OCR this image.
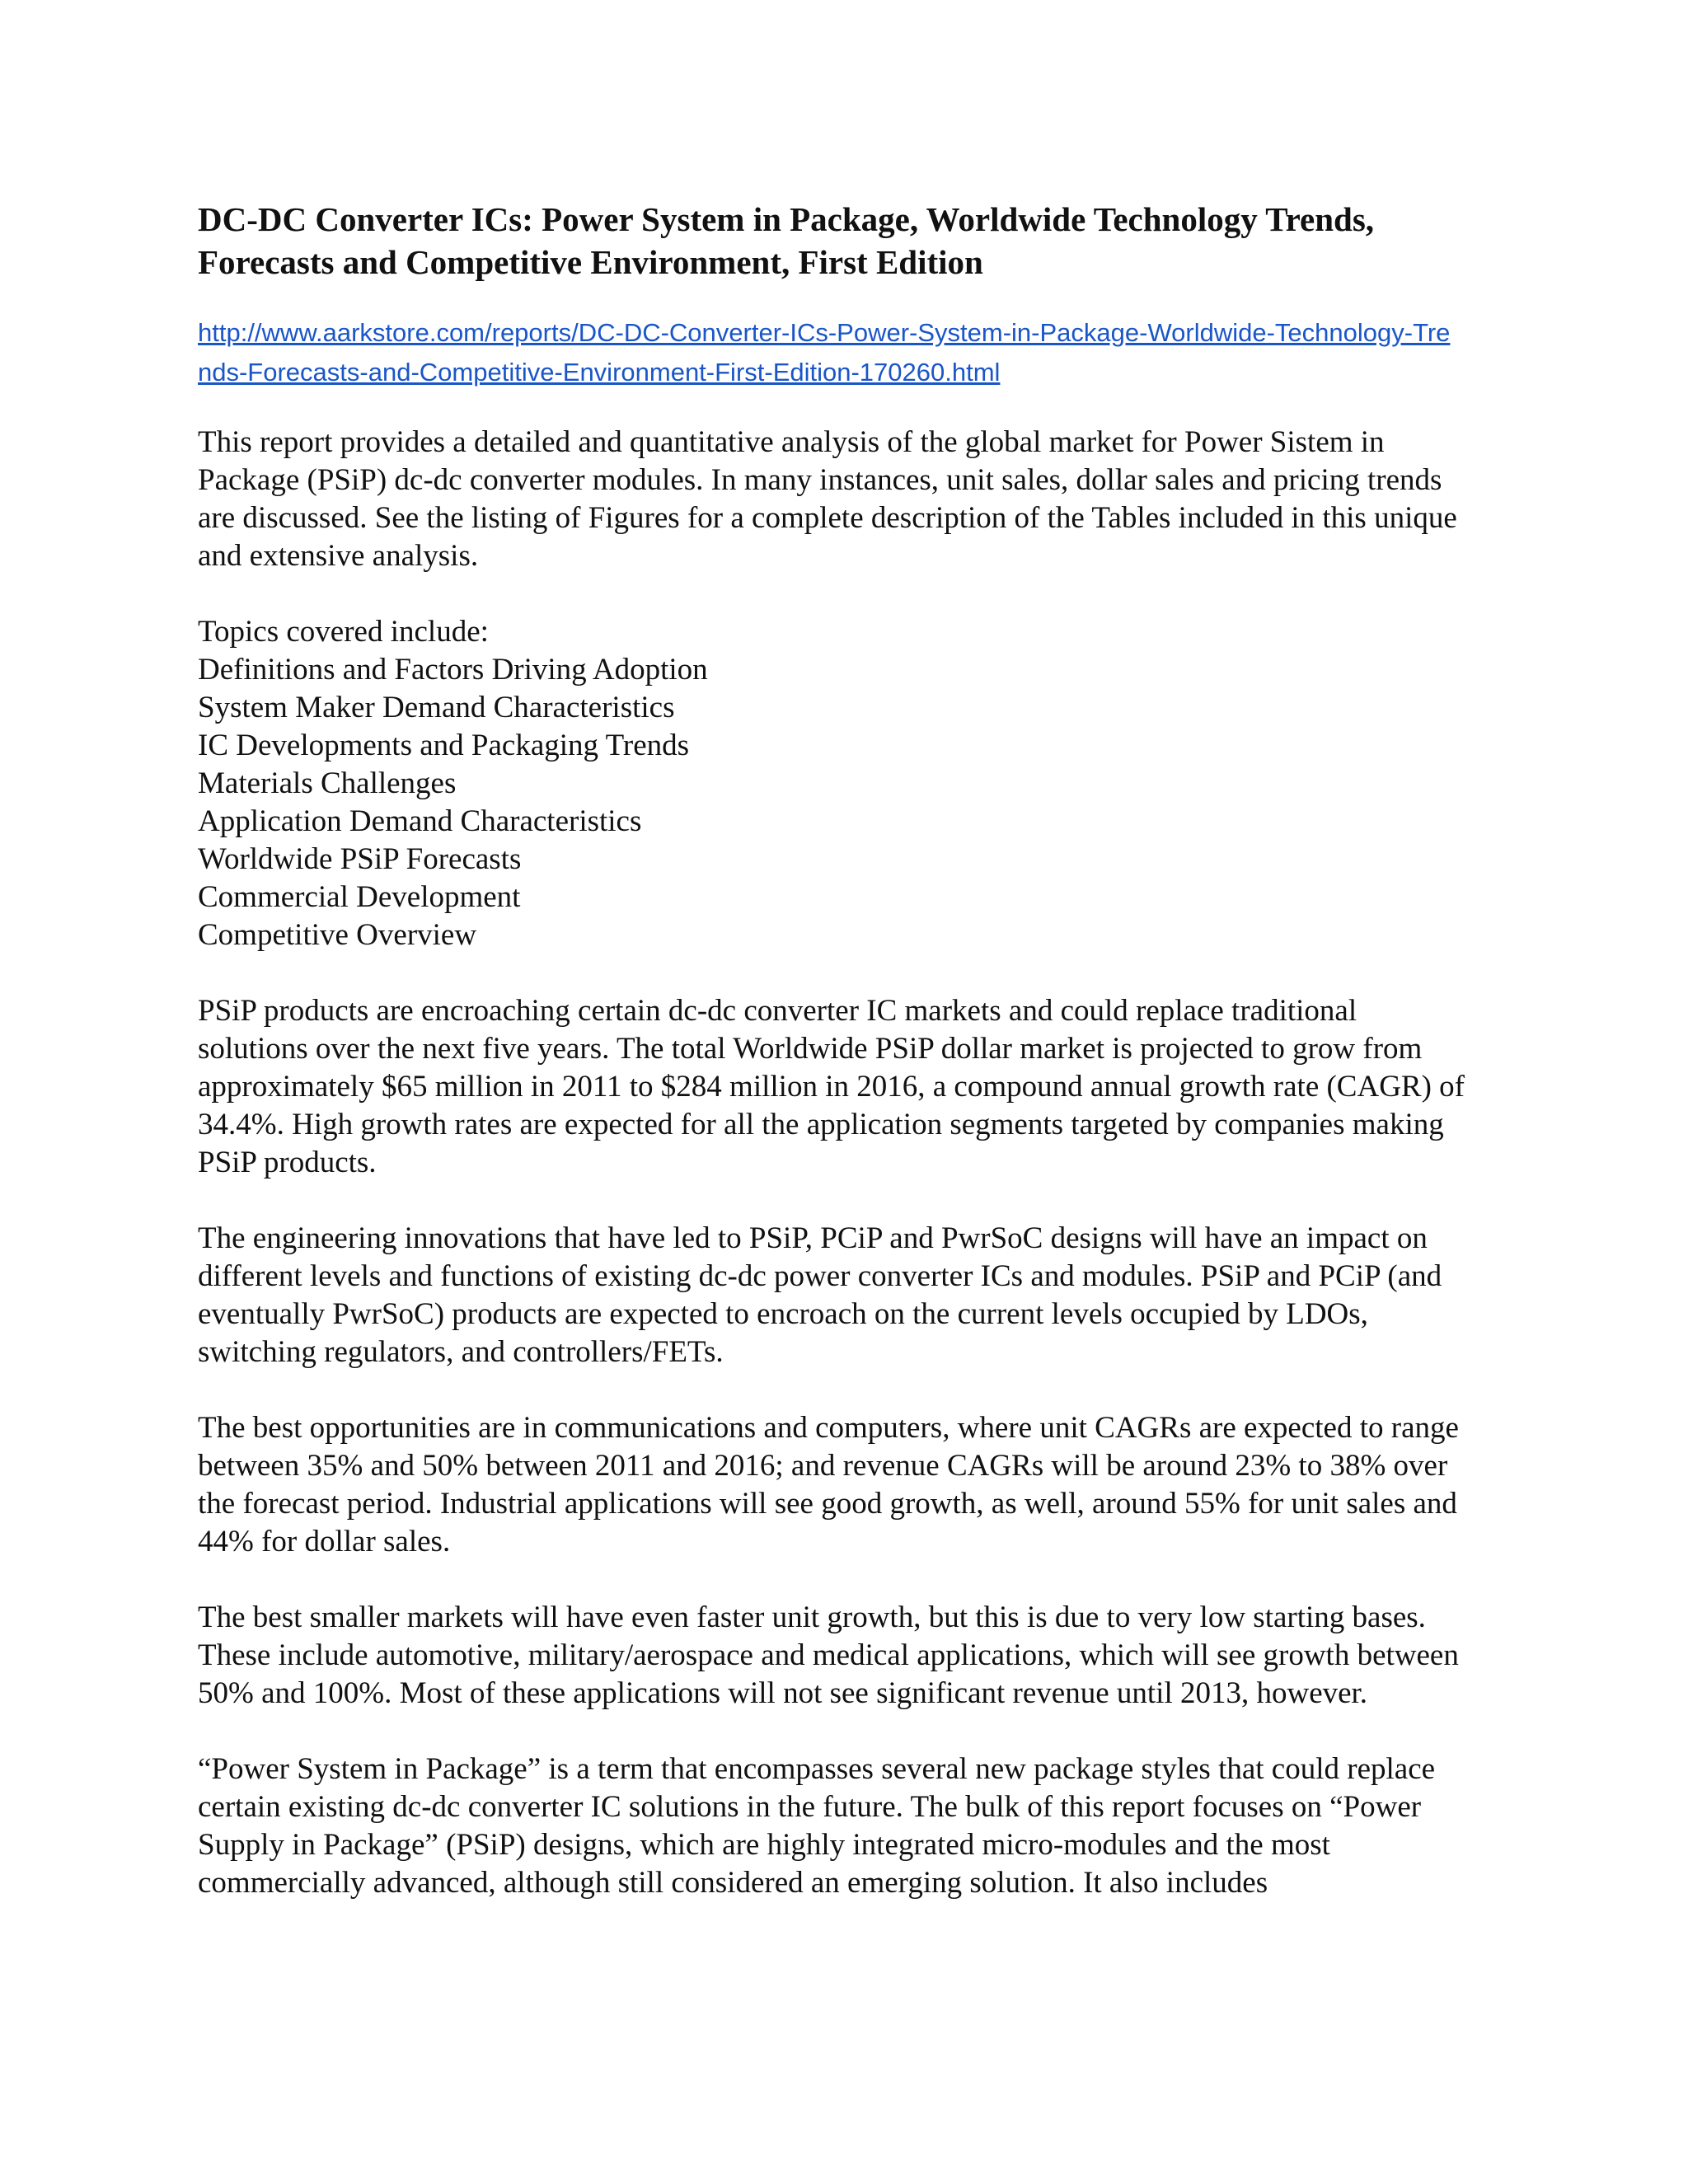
DC-DC Converter ICs: Power System in Package, Worldwide Technology Trends, Forecasts and Competitive Environment, First Edition
http://www.aarkstore.com/reports/DC-DC-Converter-ICs-Power-System-in-Package-Worldwide-Technology-Trends-Forecasts-and-Competitive-Environment-First-Edition-170260.html

This report provides a detailed and quantitative analysis of the global market for Power Sistem in Package (PSiP) dc-dc converter modules. In many instances, unit sales, dollar sales and pricing trends are discussed. See the listing of Figures for a complete description of the Tables included in this unique and extensive analysis.

Topics covered include:
Definitions and Factors Driving Adoption
System Maker Demand Characteristics
IC Developments and Packaging Trends
Materials Challenges
Application Demand Characteristics
Worldwide PSiP Forecasts
Commercial Development
Competitive Overview

PSiP products are encroaching certain dc-dc converter IC markets and could replace traditional solutions over the next five years. The total Worldwide PSiP dollar market is projected to grow from approximately $65 million in 2011 to $284 million in 2016, a compound annual growth rate (CAGR) of 34.4%. High growth rates are expected for all the application segments targeted by companies making PSiP products.

The engineering innovations that have led to PSiP, PCiP and PwrSoC designs will have an impact on different levels and functions of existing dc-dc power converter ICs and modules. PSiP and PCiP (and eventually PwrSoC) products are expected to encroach on the current levels occupied by LDOs, switching regulators, and controllers/FETs.

The best opportunities are in communications and computers, where unit CAGRs are expected to range between 35% and 50% between 2011 and 2016; and revenue CAGRs will be around 23% to 38% over the forecast period. Industrial applications will see good growth, as well, around 55% for unit sales and 44% for dollar sales.

The best smaller markets will have even faster unit growth, but this is due to very low starting bases. These include automotive, military/aerospace and medical applications, which will see growth between 50% and 100%. Most of these applications will not see significant revenue until 2013, however.

“Power System in Package” is a term that encompasses several new package styles that could replace certain existing dc-dc converter IC solutions in the future. The bulk of this report focuses on “Power Supply in Package” (PSiP) designs, which are highly integrated micro-modules and the most commercially advanced, although still considered an emerging solution. It also includes
